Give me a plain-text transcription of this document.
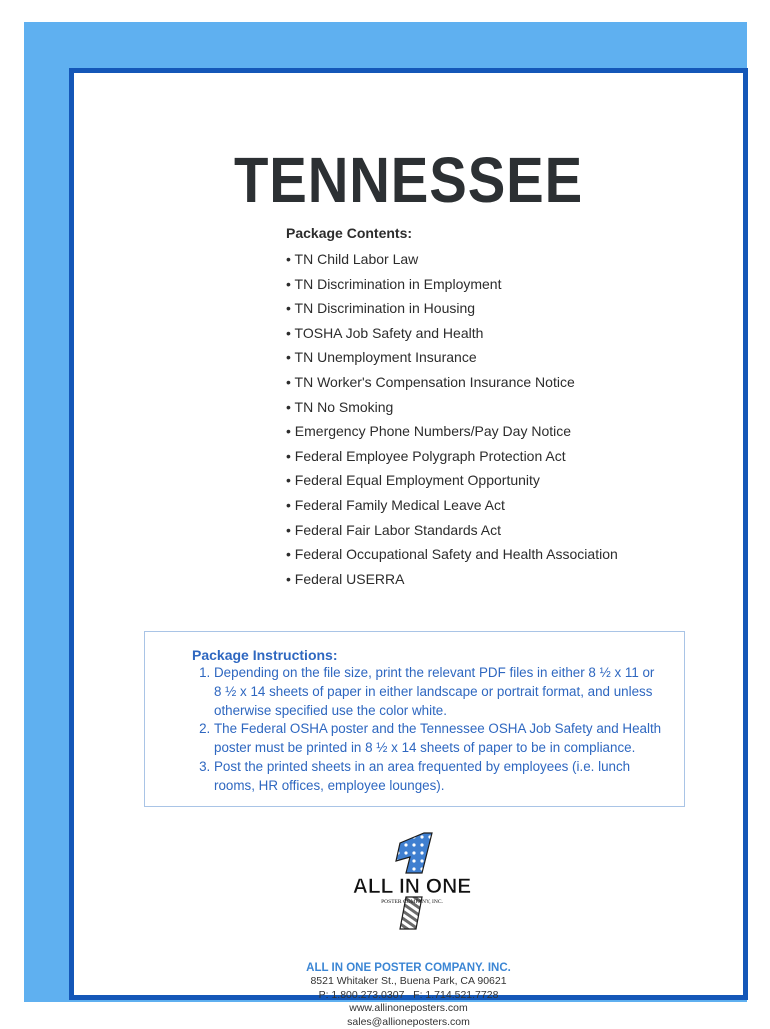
TENNESSEE
Package Contents:
• TN Child Labor Law
• TN Discrimination in Employment
• TN Discrimination in Housing
• TOSHA Job Safety and Health
• TN Unemployment Insurance
• TN Worker's Compensation Insurance Notice
• TN No Smoking
• Emergency Phone Numbers/Pay Day Notice
• Federal Employee Polygraph Protection Act
• Federal Equal Employment Opportunity
• Federal Family Medical Leave Act
• Federal Fair Labor Standards Act
• Federal Occupational Safety and Health Association
• Federal USERRA
Package Instructions:
1. Depending on the file size, print the relevant PDF files in either 8 ½ x 11 or 8 ½ x 14 sheets of paper in either landscape or portrait format, and unless otherwise specified use the color white.
2. The Federal OSHA poster and the Tennessee OSHA Job Safety and Health poster must be printed in 8 ½ x 14 sheets of paper to be in compliance.
3. Post the printed sheets in an area frequented by employees (i.e. lunch rooms, HR offices, employee lounges).
ALL IN ONE
POSTER COMPANY, INC.
ALL IN ONE POSTER COMPANY. INC.
8521 Whitaker St., Buena Park, CA 90621
P: 1.800.273.0307   F: 1.714.521.7728
www.allinoneposters.com
sales@allioneposters.com
